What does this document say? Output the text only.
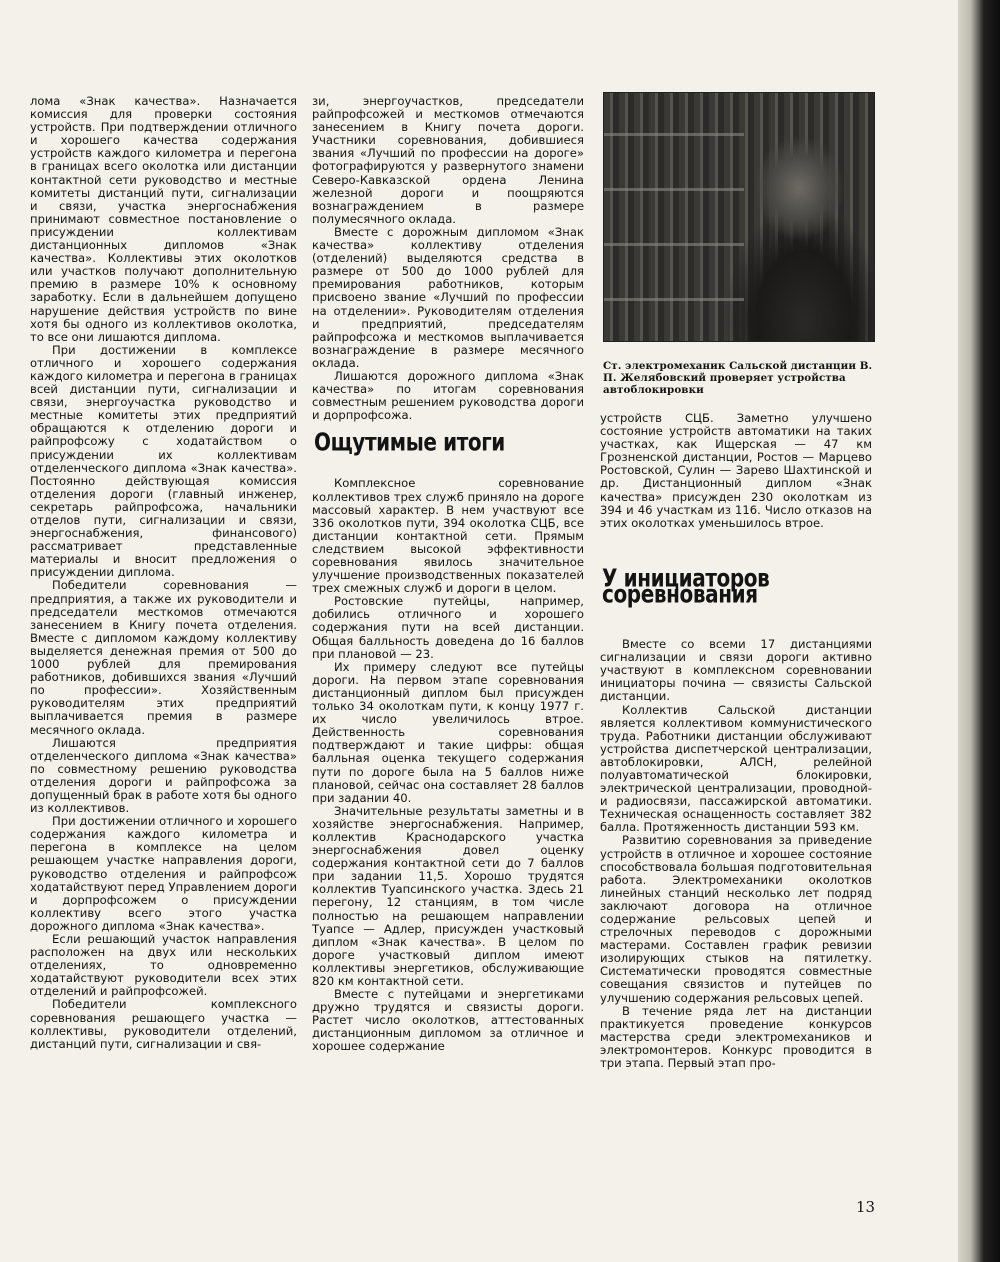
лома «Знак качества». Назначается комиссия для проверки состояния устройств. При подтверждении отличного и хорошего качества содержания устройств каждого километра и перегона в границах всего околотка или дистанции контактной сети руководство и местные комитеты дистанций пути, сигнализации и связи, участка энергоснабжения принимают совместное постановление о присуждении коллективам дистанционных дипломов «Знак качества». Коллективы этих околотков или участков получают дополнительную премию в размере 10% к основному заработку. Если в дальнейшем допущено нарушение действия устройств по вине хотя бы одного из коллективов околотка, то все они лишаются диплома.

При достижении в комплексе отличного и хорошего содержания каждого километра и перегона в границах всей дистанции пути, сигнализации и связи, энергоучастка руководство и местные комитеты этих предприятий обращаются к отделению дороги и райпрофсожу с ходатайством о присуждении их коллективам отделенческого диплома «Знак качества». Постоянно действующая комиссия отделения дороги (главный инженер, секретарь райпрофсожа, начальники отделов пути, сигнализации и связи, энергоснабжения, финансового) рассматривает представленные материалы и вносит предложения о присуждении диплома.

Победители соревнования — предприятия, а также их руководители и председатели месткомов отмечаются занесением в Книгу почета отделения. Вместе с дипломом каждому коллективу выделяется денежная премия от 500 до 1000 рублей для премирования работников, добившихся звания «Лучший по профессии». Хозяйственным руководителям этих предприятий выплачивается премия в размере месячного оклада.

Лишаются предприятия отделенческого диплома «Знак качества» по совместному решению руководства отделения дороги и райпрофсожа за допущенный брак в работе хотя бы одного из коллективов.

При достижении отличного и хорошего содержания каждого километра и перегона в комплексе на целом решающем участке направления дороги, руководство отделения и райпрофсож ходатайствуют перед Управлением дороги и дорпрофсожем о присуждении коллективу всего этого участка дорожного диплома «Знак качества».

Если решающий участок направления расположен на двух или нескольких отделениях, то одновременно ходатайствуют руководители всех этих отделений и райпрофсожей.

Победители комплексного соревнования решающего участка — коллективы, руководители отделений, дистанций пути, сигнализации и свя-

зи, энергоучастков, председатели райпрофсожей и месткомов отмечаются занесением в Книгу почета дороги. Участники соревнования, добившиеся звания «Лучший по профессии на дороге» фотографируются у развернутого знамени Северо-Кавказской ордена Ленина железной дороги и поощряются вознаграждением в размере полумесячного оклада.

Вместе с дорожным дипломом «Знак качества» коллективу отделения (отделений) выделяются средства в размере от 500 до 1000 рублей для премирования работников, которым присвоено звание «Лучший по профессии на отделении». Руководителям отделения и предприятий, председателям райпрофсожа и месткомов выплачивается вознаграждение в размере месячного оклада.

Лишаются дорожного диплома «Знак качества» по итогам соревнования совместным решением руководства дороги и дорпрофсожа.

Ощутимые итоги

Комплексное соревнование коллективов трех служб приняло на дороге массовый характер. В нем участвуют все 336 околотков пути, 394 околотка СЦБ, все дистанции контактной сети. Прямым следствием высокой эффективности соревнования явилось значительное улучшение производственных показателей трех смежных служб и дороги в целом.

Ростовские путейцы, например, добились отличного и хорошего содержания пути на всей дистанции. Общая балльность доведена до 16 баллов при плановой — 23.

Их примеру следуют все путейцы дороги. На первом этапе соревнования дистанционный диплом был присужден только 34 околоткам пути, к концу 1977 г. их число увеличилось втрое. Действенность соревнования подтверждают и такие цифры: общая балльная оценка текущего содержания пути по дороге была на 5 баллов ниже плановой, сейчас она составляет 28 баллов при задании 40.

Значительные результаты заметны и в хозяйстве энергоснабжения. Например, коллектив Краснодарского участка энергоснабжения довел оценку содержания контактной сети до 7 баллов при задании 11,5. Хорошо трудятся коллектив Туапсинского участка. Здесь 21 перегону, 12 станциям, в том числе полностью на решающем направлении Туапсе — Адлер, присужден участковый диплом «Знак качества». В целом по дороге участковый диплом имеют коллективы энергетиков, обслуживающие 820 км контактной сети.

Вместе с путейцами и энергетиками дружно трудятся и связисты дороги. Растет число околотков, аттестованных дистанционным дипломом за отличное и хорошее содержание

Ст. электромеханик Сальской дистанции В. П. Желябовский проверяет устройства автоблокировки

устройств СЦБ. Заметно улучшено состояние устройств автоматики на таких участках, как Ищерская — 47 км Грозненской дистанции, Ростов — Марцево Ростовской, Сулин — Зарево Шахтинской и др. Дистанционный диплом «Знак качества» присужден 230 околоткам из 394 и 46 участкам из 116. Число отказов на этих околотках уменьшилось втрое.

У инициаторов соревнования

Вместе со всеми 17 дистанциями сигнализации и связи дороги активно участвуют в комплексном соревновании инициаторы почина — связисты Сальской дистанции.

Коллектив Сальской дистанции является коллективом коммунистического труда. Работники дистанции обслуживают устройства диспетчерской централизации, автоблокировки, АЛСН, релейной полуавтоматической блокировки, электрической централизации, проводной- и радиосвязи, пассажирской автоматики. Техническая оснащенность составляет 382 балла. Протяженность дистанции 593 км.

Развитию соревнования за приведение устройств в отличное и хорошее состояние способствовала большая подготовительная работа. Электромеханики околотков линейных станций несколько лет подряд заключают договора на отличное содержание рельсовых цепей и стрелочных переводов с дорожными мастерами. Составлен график ревизии изолирующих стыков на пятилетку. Систематически проводятся совместные совещания связистов и путейцев по улучшению содержания рельсовых цепей.

В течение ряда лет на дистанции практикуется проведение конкурсов мастерства среди электромехаников и электромонтеров. Конкурс проводится в три этапа. Первый этап про-

13
